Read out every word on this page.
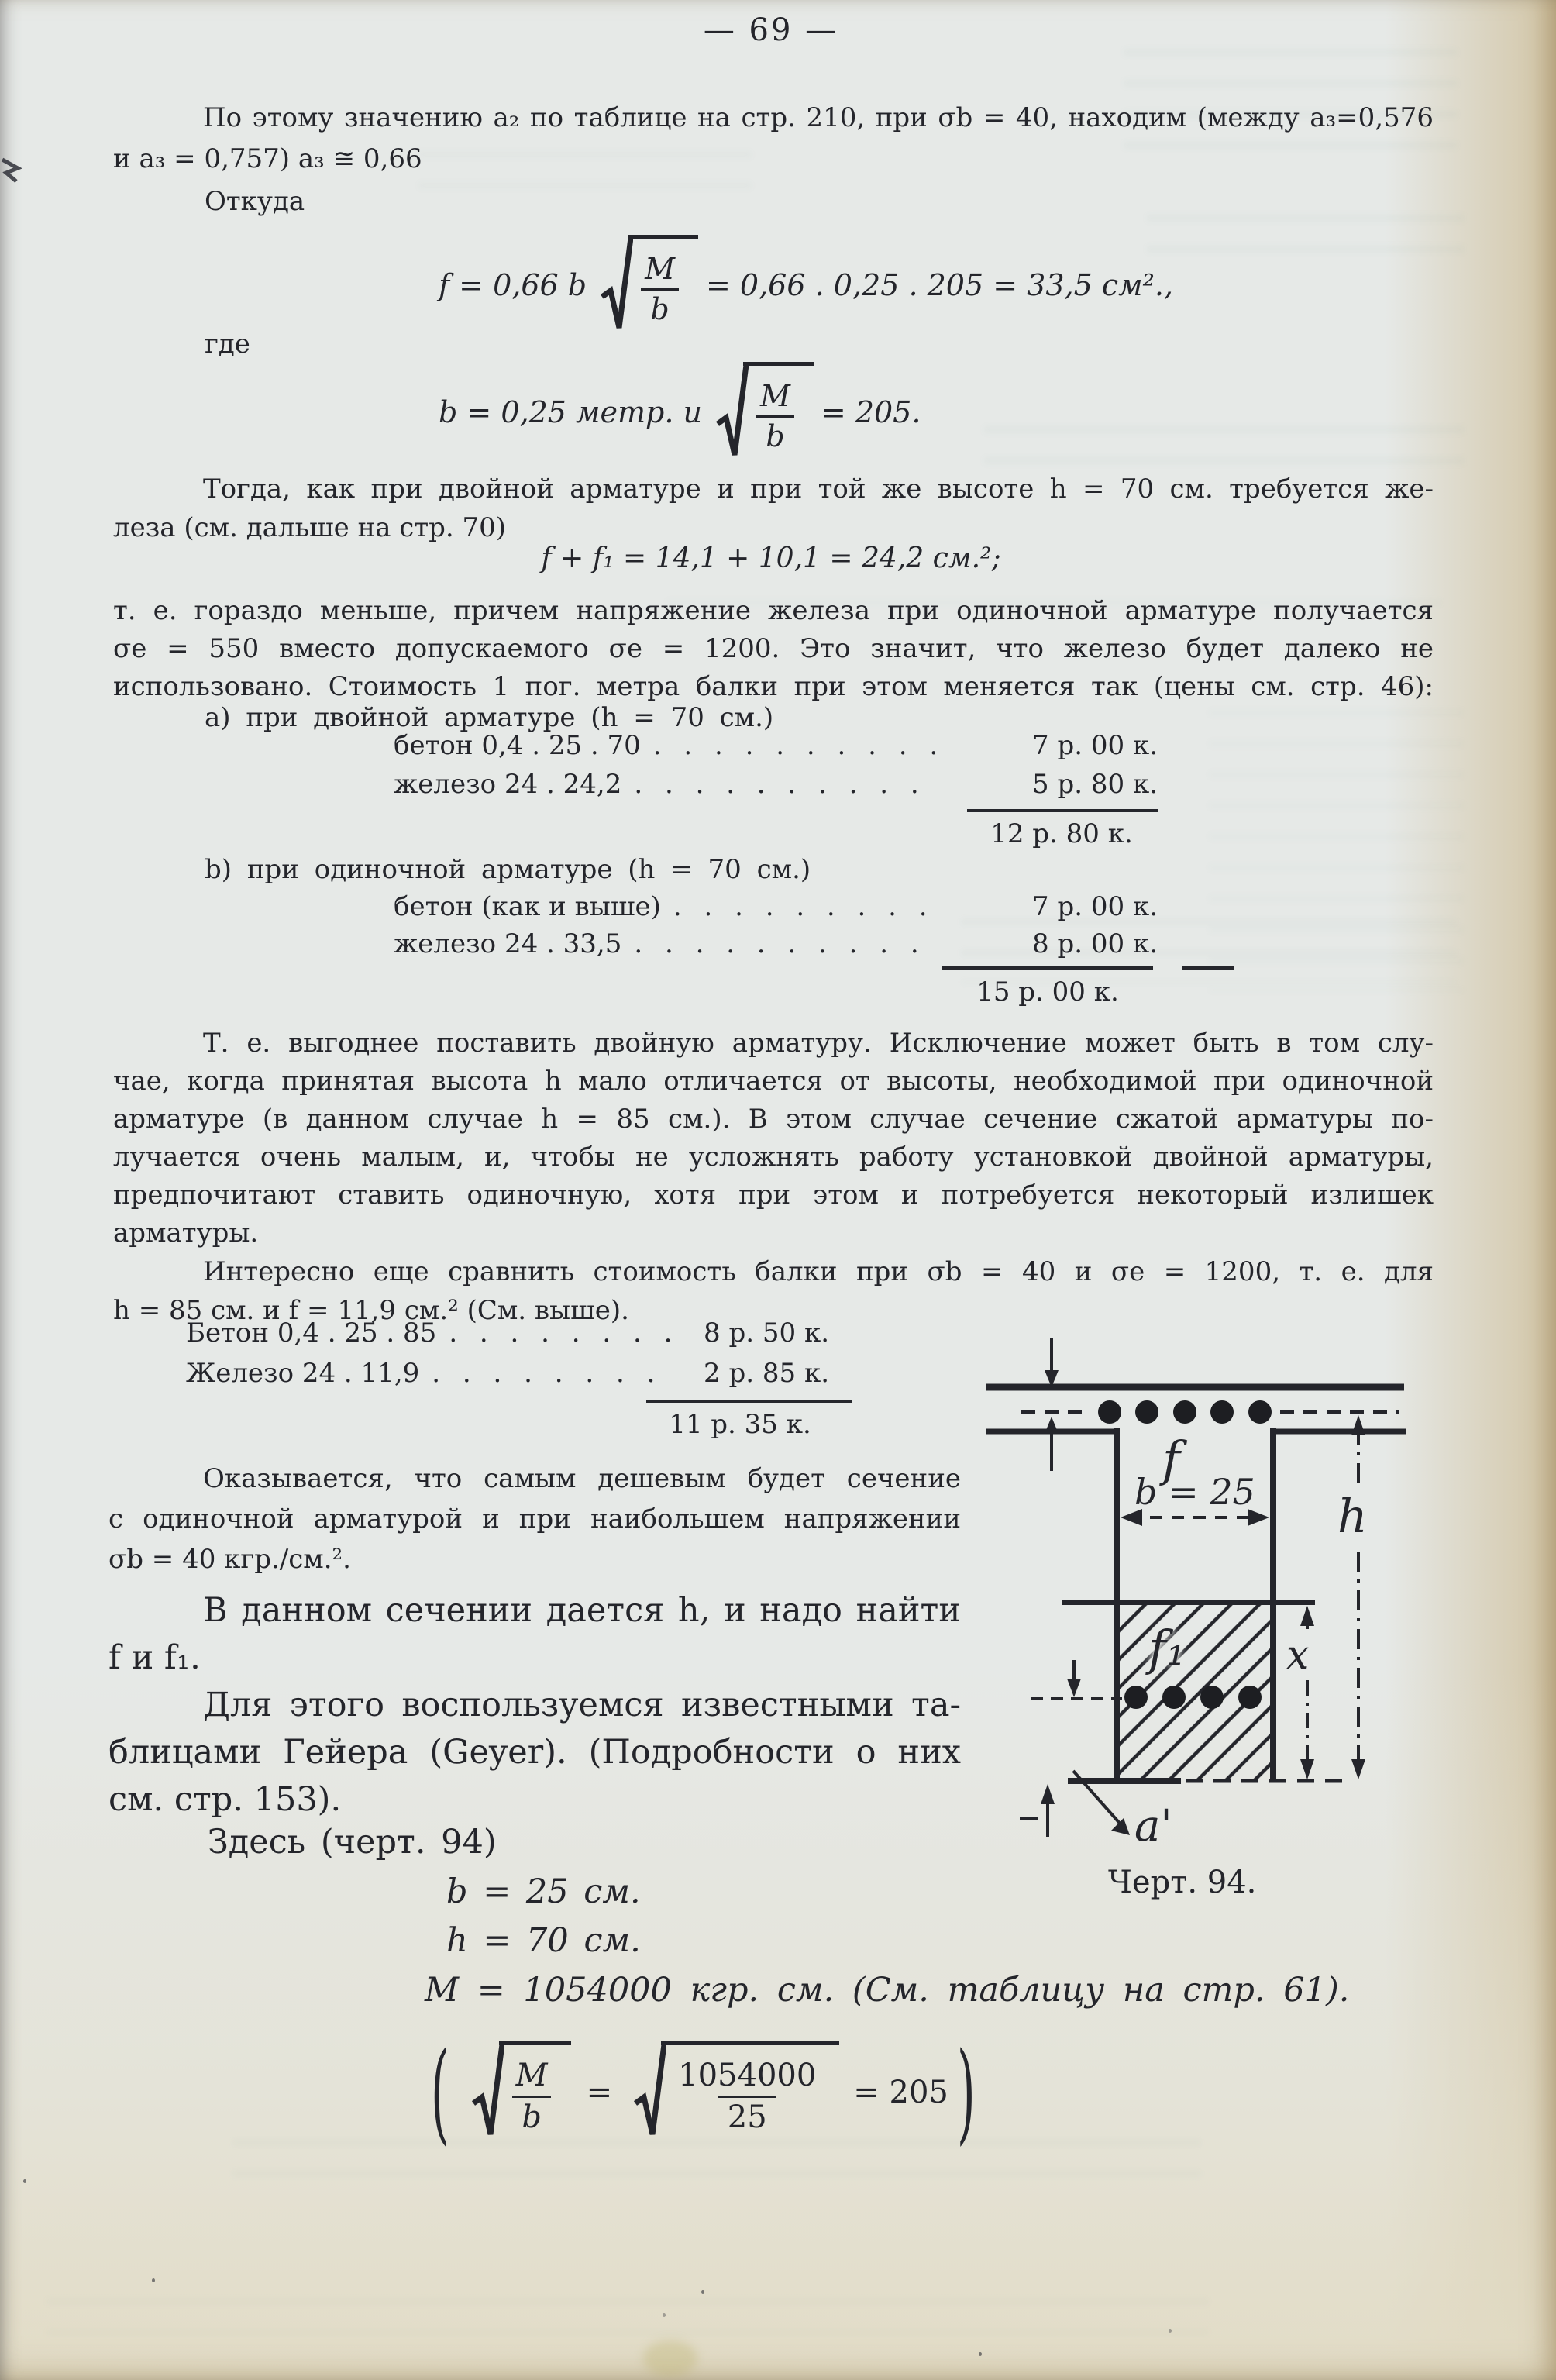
— 69 —
По этому значению a₂ по таблице на стр. 210, при σb = 40, находим (между a₃=0,576
и a₃ = 0,757) a₃ ≅ 0,66
Откуда
f = 0,66 b $\frac{M}{b} = 0,66$ . 0,25 . 205 = 33,5 см².,
где
b = 0,25 метр. и $\frac{M}{b} = 205$.
Тогда, как при двойной арматуре и при той же высоте h = 70 см. требуется же-
леза (см. дальше на стр. 70)
f + f₁ = 14,1 + 10,1 = 24,2 см.²;
т. е. гораздо меньше, причем напряжение железа при одиночной арматуре получается
σе = 550 вместо допускаемого σе = 1200. Это значит, что железо будет далеко не
использовано. Стоимость 1 пог. метра балки при этом меняется так (цены см. стр. 46):
а) при двойной арматуре (h = 70 см.)
бетон 0,4 . 25 . 70 . . . . . . . . . .	7 р. 00 к.
железо 24 . 24,2 . . . . . . . . . .	5 р. 80 к.
12 р. 80 к.
b) при одиночной арматуре (h = 70 см.)
бетон (как и выше) . . . . . . . . .	7 р. 00 к.
железо 24 . 33,5 . . . . . . . . . .	8 р. 00 к.
15 р. 00 к.
Т. е. выгоднее поставить двойную арматуру. Исключение может быть в том слу-
чае, когда принятая высота h мало отличается от высоты, необходимой при одиночной
арматуре (в данном случае h = 85 см.). В этом случае сечение сжатой арматуры по-
лучается очень малым, и, чтобы не усложнять работу установкой двойной арматуры,
предпочитают ставить одиночную, хотя при этом и потребуется некоторый излишек
арматуры.
Интересно еще сравнить стоимость балки при σb = 40 и σе = 1200, т. е. для
h = 85 см. и f = 11,9 см.² (См. выше).
Бетон 0,4 . 25 . 85 . . . . . . . . 8 р. 50 к.
Железо 24 . 11,9 . . . . . . . .	2 р. 85 к.
11 р. 35 к.
Оказывается, что самым дешевым будет сечение
с одиночной арматурой и при наибольшем напряжении
σb = 40 кгр./см.².
В данном сечении дается h, и надо найти
f и f₁.
Для этого воспользуемся известными та-
блицами Гейера (Geyer). (Подробности о них
см. стр. 153).
Здесь (черт. 94)
b = 25 см.
h = 70 см.
M = 1054000 кгр. см. (См. таблицу на стр. 61).
( $\frac{M}{b} = \frac{1054000}{25} = 205$ )
f
b = 25
f₁
h
x
a'
Черт. 94.
